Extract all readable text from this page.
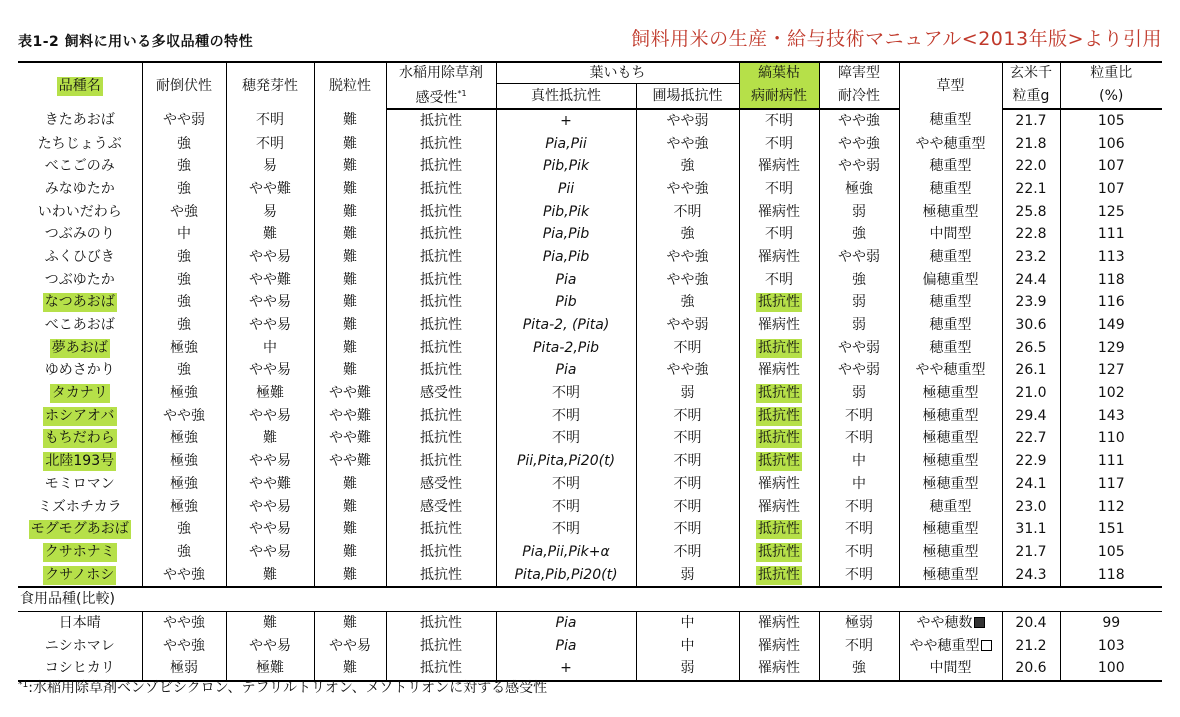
表1-2 飼料に用いる多収品種の特性	飼料用米の生産・給与技術マニュアル<2013年版>より引用
品種名	耐倒伏性	穂発芽性	脱粒性	水稲用除草剤	葉いもち		縞葉枯	障害型	草型	玄米千	粒重比
				感受性$^{*1}$	真性抵抗性	圃場抵抗性	病耐病性	耐冷性		粒重g	(%)
きたあおば	やや弱	不明	難	抵抗性	+	やや弱	不明	やや強	穂重型	21.7	105
たちじょうぶ	強	不明	難	抵抗性	Pia,Pii	やや強	不明	やや強	やや穂重型	21.8	106
べこごのみ	強	易	難	抵抗性	Pib,Pik	強	罹病性	やや弱	穂重型	22.0	107
みなゆたか	強	やや難	難	抵抗性	Pii	やや強	不明	極強	穂重型	22.1	107
いわいだわら	や強	易	難	抵抗性	Pib,Pik	不明	罹病性	弱	極穂重型	25.8	125
つぶみのり	中	難	難	抵抗性	Pia,Pib	強	不明	強	中間型	22.8	111
ふくひびき	強	やや易	難	抵抗性	Pia,Pib	やや強	罹病性	やや弱	穂重型	23.2	113
つぶゆたか	強	やや難	難	抵抗性	Pia	やや強	不明	強	偏穂重型	24.4	118
なつあおば	強	やや易	難	抵抗性	Pib	強	抵抗性	弱	穂重型	23.9	116
べこあおば	強	やや易	難	抵抗性	Pita-2, (Pita)	やや弱	罹病性	弱	穂重型	30.6	149
夢あおば	極強	中	難	抵抗性	Pita-2,Pib	不明	抵抗性	やや弱	穂重型	26.5	129
ゆめさかり	強	やや易	難	抵抗性	Pia	やや強	罹病性	やや弱	やや穂重型	26.1	127
タカナリ	極強	極難	やや難	感受性	不明	弱	抵抗性	弱	極穂重型	21.0	102
ホシアオバ	やや強	やや易	やや難	抵抗性	不明	不明	抵抗性	不明	極穂重型	29.4	143
もちだわら	極強	難	やや難	抵抗性	不明	不明	抵抗性	不明	極穂重型	22.7	110
北陸193号	極強	やや易	やや難	抵抗性	Pii,Pita,Pi20(t)	不明	抵抗性	中	極穂重型	22.9	111
モミロマン	極強	やや難	難	感受性	不明	不明	罹病性	中	極穂重型	24.1	117
ミズホチカラ	極強	やや易	難	感受性	不明	不明	罹病性	不明	穂重型	23.0	112
モグモグあおば	強	やや易	難	抵抗性	不明	不明	抵抗性	不明	極穂重型	31.1	151
クサホナミ	強	やや易	難	抵抗性	Pia,Pii,Pik+α	不明	抵抗性	不明	極穂重型	21.7	105
クサノホシ	やや強	難	難	抵抗性	Pita,Pib,Pi20(t)	弱	抵抗性	不明	極穂重型	24.3	118
食用品種(比較)											
日本晴	やや強	難	難	抵抗性	Pia	中	罹病性	極弱	やや穂数	20.4	99
ニシホマレ	やや強	やや易	やや易	抵抗性	Pia	中	罹病性	不明	やや穂重型	21.2	103
コシヒカリ	極弱	極難	難	抵抗性	+	弱	罹病性	強	中間型	20.6	100
$^{*1}$:水稲用除草剤ベンゾビシクロン、テフリルトリオン、メソトリオンに対する感受性
